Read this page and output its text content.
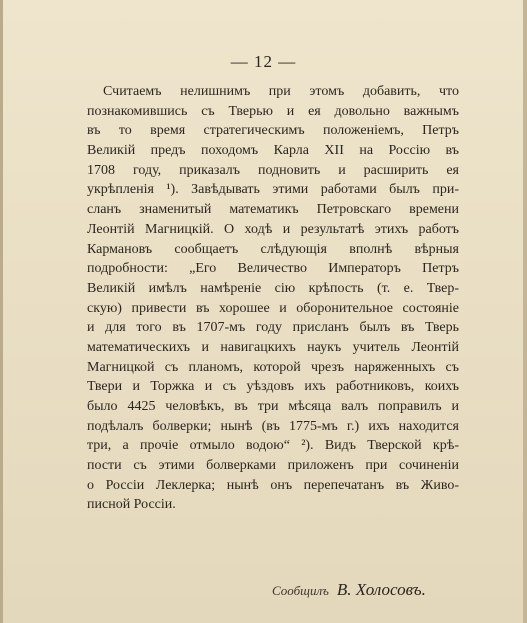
— 12 —
Считаемъ нелишнимъ при этомъ добавить, что
познакомившись съ Тверью и ея довольно важнымъ
въ то время стратегическимъ положеніемъ, Петръ
Великій предъ походомъ Карла XII на Россію въ
1708 году, приказалъ подновить и расширить ея
укрѣпленія ¹). Завѣдывать этими работами былъ при-
сланъ знаменитый математикъ Петровскаго времени
Леонтій Магницкій. О ходѣ и результатѣ этихъ работъ
Кармановъ сообщаетъ слѣдующія вполнѣ вѣрныя
подробности: „Его Величество Императоръ Петръ
Великій имѣлъ намѣреніе сію крѣпость (т. е. Твер-
скую) привести въ хорошее и оборонительное состояніе
и для того въ 1707-мъ году присланъ былъ въ Тверь
математическихъ и навигацкихъ наукъ учитель Леонтій
Магницкой съ планомъ, которой чрезъ наряженныхъ съ
Твери и Торжка и съ уѣздовъ ихъ работниковъ, коихъ
было 4425 человѣкъ, въ три мѣсяца валъ поправилъ и
подѣлалъ болверки; нынѣ (въ 1775-мъ г.) ихъ находится
три, а прочіе отмыло водою“ ²). Видъ Тверской крѣ-
пости съ этими болверками приложенъ при сочиненіи
о Россіи Леклерка; нынѣ онъ перепечатанъ въ Живо-
писной Россіи.
Сообщилъ В. Холосовъ.
